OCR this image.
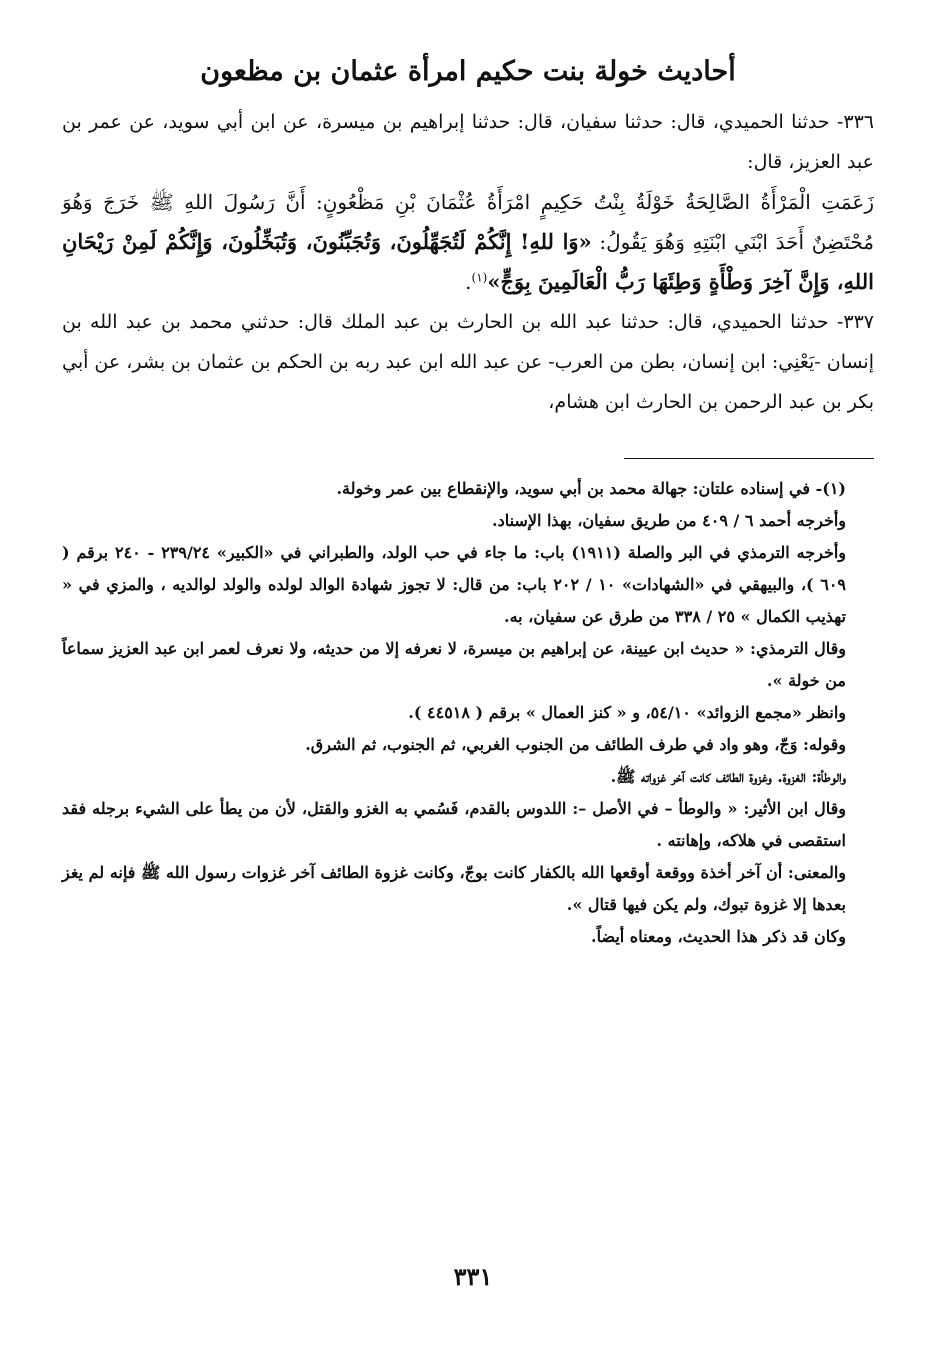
أحاديث خولة بنت حكيم امرأة عثمان بن مظعون

٣٣٦- حدثنا الحميدي، قال: حدثنا سفيان، قال: حدثنا إبراهيم بن ميسرة، عن ابن أبي سويد، عن عمر بن عبد العزيز، قال:

زَعَمَتِ الْمَرْأَةُ الصَّالِحَةُ خَوْلَةُ بِنْتُ حَكِيمٍ امْرَأَةُ عُثْمَانَ بْنِ مَظْعُونٍ: أَنَّ رَسُولَ اللهِ ﷺ خَرَجَ وَهُوَ مُحْتَضِنٌ أَحَدَ ابْنَي ابْنَتِهِ وَهُوَ يَقُولُ: «وَا للهِ! إِنَّكُمْ لَتُجَهِّلُونَ، وَتُجَبِّنُونَ، وَتُبَخِّلُونَ، وَإِنَّكُمْ لَمِنْ رَيْحَانِ اللهِ، وَإِنَّ آخِرَ وَطْأَةٍ وَطِئَهَا رَبُّ الْعَالَمِينَ بِوَجٍّ»$^{(١)}$.

٣٣٧- حدثنا الحميدي، قال: حدثنا عبد الله بن الحارث بن عبد الملك قال: حدثني محمد بن عبد الله بن إنسان -يَعْنِي: ابن إنسان، بطن من العرب- عن عبد الله ابن عبد ربه بن الحكم بن عثمان بن بشر، عن أبي بكر بن عبد الرحمن بن الحارث ابن هشام،

(١)- في إسناده علتان: جهالة محمد بن أبي سويد، والإنقطاع بين عمر وخولة.

وأخرجه أحمد ٦ / ٤٠٩ من طريق سفيان، بهذا الإسناد.

وأخرجه الترمذي في البر والصلة (١٩١١) باب: ما جاء في حب الولد، والطبراني في «الكبير» ٢٣٩/٢٤ - ٢٤٠ برقم ( ٦٠٩ )، والبيهقي في «الشهادات» ١٠ / ٢٠٢ باب: من قال: لا تجوز شهادة الوالد لولده والولد لوالديه ، والمزي في « تهذيب الكمال » ٢٥ / ٣٣٨ من طرق عن سفيان، به.

وقال الترمذي: « حديث ابن عيينة، عن إبراهيم بن ميسرة، لا نعرفه إلا من حديثه، ولا نعرف لعمر ابن عبد العزيز سماعاً من خولة ».

وانظر «مجمع الزوائد» ٥٤/١٠، و « كنز العمال » برقم ( ٤٤٥١٨ ).

وقوله: وَجّ، وهو واد في طرف الطائف من الجنوب الغربي، ثم الجنوب، ثم الشرق.

والوطأة: الغزوة. وغزوة الطائف كانت آخر غزواته ﷺ.

وقال ابن الأثير: « والوطأ – في الأصل –: اللدوس بالقدم، فَسُمي به الغزو والقتل، لأن من يطأ على الشيء برجله فقد استقصى في هلاكه، وإهانته .

والمعنى: أن آخر أخذة ووقعة أوقعها الله بالكفار كانت بوجّ، وكانت غزوة الطائف آخر غزوات رسول الله ﷺ فإنه لم يغز بعدها إلا غزوة تبوك، ولم يكن فيها قتال ».

وكان قد ذكر هذا الحديث، ومعناه أيضاً.

٣٣١
